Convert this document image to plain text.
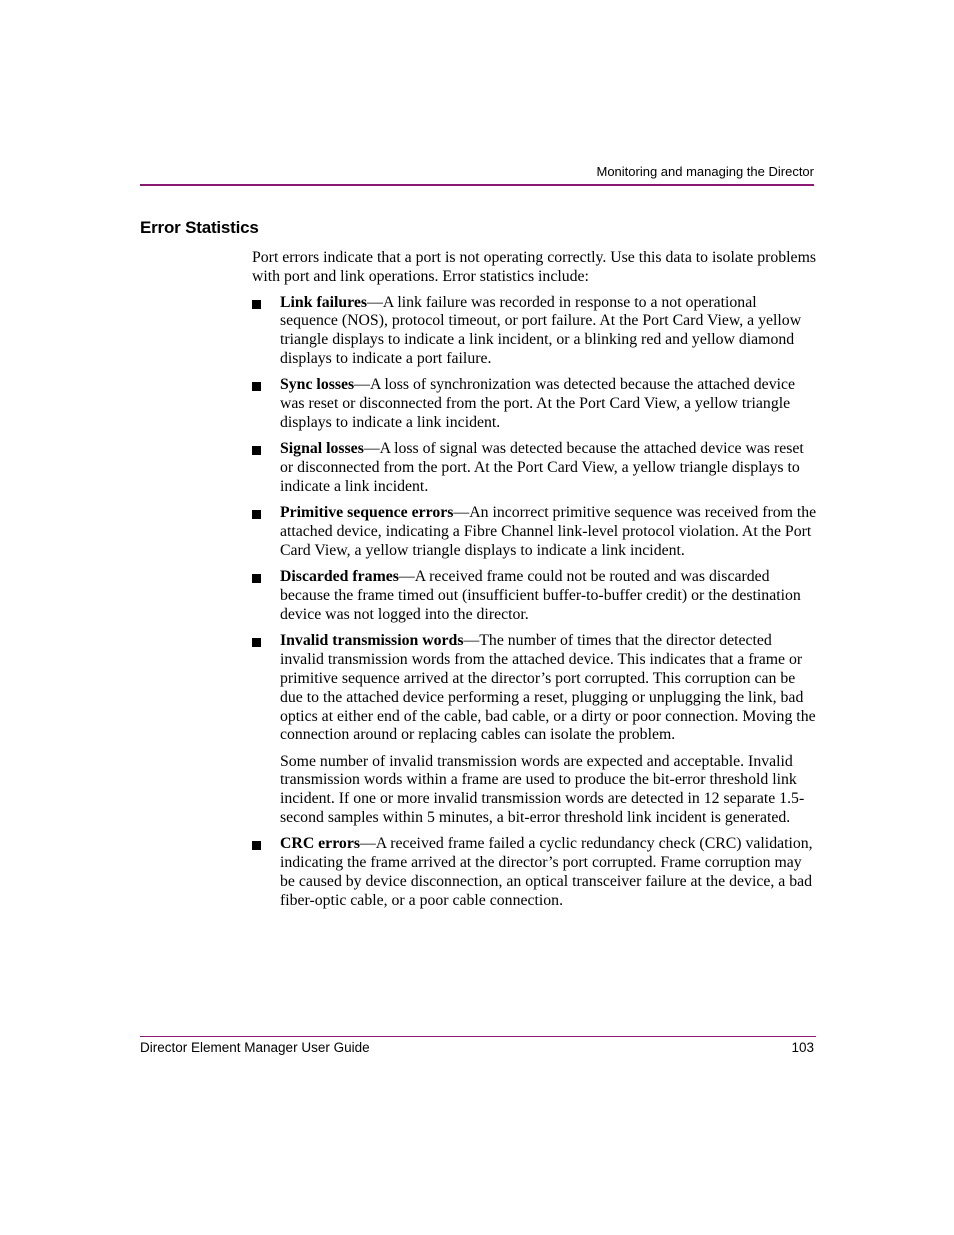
Monitoring and managing the Director
Error Statistics

Port errors indicate that a port is not operating correctly. Use this data to isolate problems with port and link operations. Error statistics include:

Link failures—A link failure was recorded in response to a not operational sequence (NOS), protocol timeout, or port failure. At the Port Card View, a yellow triangle displays to indicate a link incident, or a blinking red and yellow diamond displays to indicate a port failure.
Sync losses—A loss of synchronization was detected because the attached device was reset or disconnected from the port. At the Port Card View, a yellow triangle displays to indicate a link incident.
Signal losses—A loss of signal was detected because the attached device was reset or disconnected from the port. At the Port Card View, a yellow triangle displays to indicate a link incident.
Primitive sequence errors—An incorrect primitive sequence was received from the attached device, indicating a Fibre Channel link-level protocol violation. At the Port Card View, a yellow triangle displays to indicate a link incident.
Discarded frames—A received frame could not be routed and was discarded because the frame timed out (insufficient buffer-to-buffer credit) or the destination device was not logged into the director.
Invalid transmission words—The number of times that the director detected invalid transmission words from the attached device. This indicates that a frame or primitive sequence arrived at the director’s port corrupted. This corruption can be due to the attached device performing a reset, plugging or unplugging the link, bad optics at either end of the cable, bad cable, or a dirty or poor connection. Moving the connection around or replacing cables can isolate the problem.

Some number of invalid transmission words are expected and acceptable. Invalid transmission words within a frame are used to produce the bit-error threshold link incident. If one or more invalid transmission words are detected in 12 separate 1.5-second samples within 5 minutes, a bit-error threshold link incident is generated.

CRC errors—A received frame failed a cyclic redundancy check (CRC) validation, indicating the frame arrived at the director’s port corrupted. Frame corruption may be caused by device disconnection, an optical transceiver failure at the device, a bad fiber-optic cable, or a poor cable connection.
Director Element Manager User Guide	103
